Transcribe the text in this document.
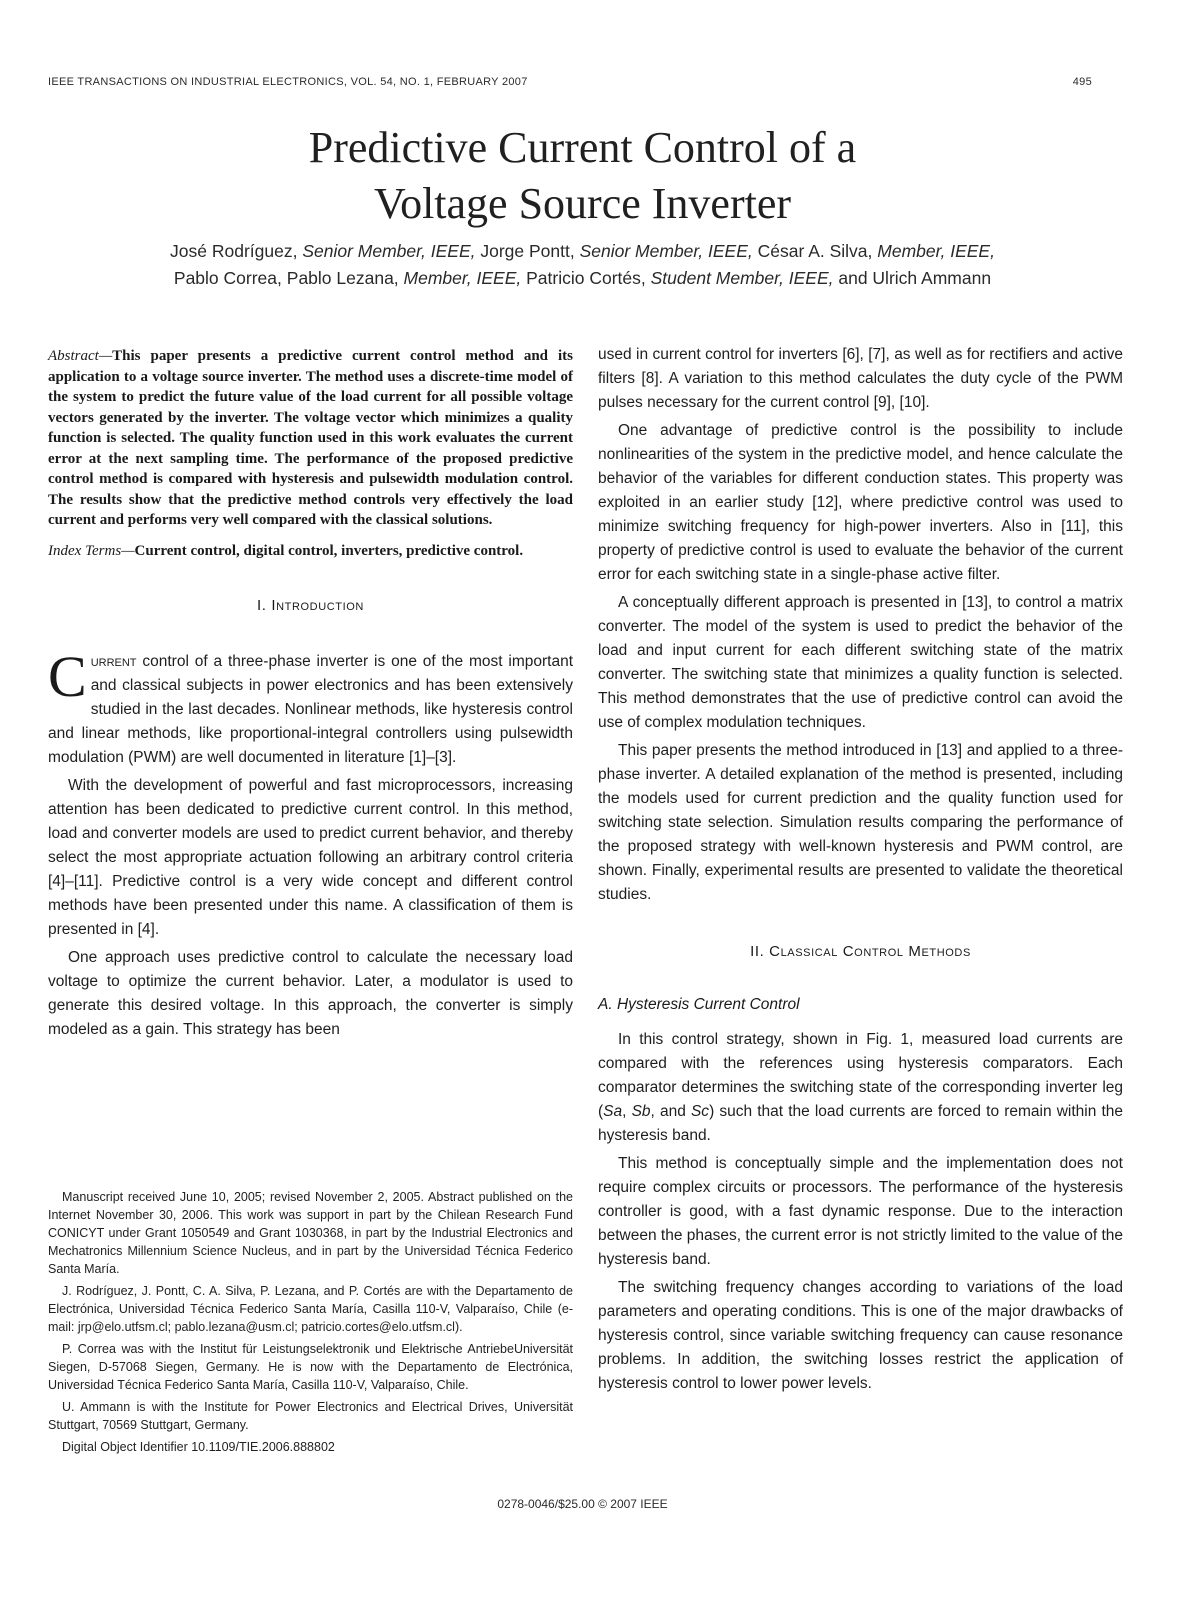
IEEE TRANSACTIONS ON INDUSTRIAL ELECTRONICS, VOL. 54, NO. 1, FEBRUARY 2007	495
Predictive Current Control of a
Voltage Source Inverter
José Rodríguez, Senior Member, IEEE, Jorge Pontt, Senior Member, IEEE, César A. Silva, Member, IEEE,
Pablo Correa, Pablo Lezana, Member, IEEE, Patricio Cortés, Student Member, IEEE, and Ulrich Ammann

Abstract—This paper presents a predictive current control method and its application to a voltage source inverter. The method uses a discrete-time model of the system to predict the future value of the load current for all possible voltage vectors generated by the inverter. The voltage vector which minimizes a quality function is selected. The quality function used in this work evaluates the current error at the next sampling time. The performance of the proposed predictive control method is compared with hysteresis and pulsewidth modulation control. The results show that the predictive method controls very effectively the load current and performs very well compared with the classical solutions.

Index Terms—Current control, digital control, inverters, predictive control.

I. Introduction
C urrent control of a three-phase inverter is one of the most important and classical subjects in power electronics and has been extensively studied in the last decades. Nonlinear methods, like hysteresis control and linear methods, like proportional-integral controllers using pulsewidth modulation (PWM) are well documented in literature [1]–[3].

With the development of powerful and fast microprocessors, increasing attention has been dedicated to predictive current control. In this method, load and converter models are used to predict current behavior, and thereby select the most appropriate actuation following an arbitrary control criteria [4]–[11]. Predictive control is a very wide concept and different control methods have been presented under this name. A classification of them is presented in [4].

One approach uses predictive control to calculate the necessary load voltage to optimize the current behavior. Later, a modulator is used to generate this desired voltage. In this approach, the converter is simply modeled as a gain. This strategy has been

Manuscript received June 10, 2005; revised November 2, 2005. Abstract published on the Internet November 30, 2006. This work was support in part by the Chilean Research Fund CONICYT under Grant 1050549 and Grant 1030368, in part by the Industrial Electronics and Mechatronics Millennium Science Nucleus, and in part by the Universidad Técnica Federico Santa María.

J. Rodríguez, J. Pontt, C. A. Silva, P. Lezana, and P. Cortés are with the Departamento de Electrónica, Universidad Técnica Federico Santa María, Casilla 110-V, Valparaíso, Chile (e-mail: jrp@elo.utfsm.cl; pablo.lezana@usm.cl; patricio.cortes@elo.utfsm.cl).

P. Correa was with the Institut für Leistungselektronik und Elektrische AntriebeUniversität Siegen, D-57068 Siegen, Germany. He is now with the Departamento de Electrónica, Universidad Técnica Federico Santa María, Casilla 110-V, Valparaíso, Chile.

U. Ammann is with the Institute for Power Electronics and Electrical Drives, Universität Stuttgart, 70569 Stuttgart, Germany.

Digital Object Identifier 10.1109/TIE.2006.888802

used in current control for inverters [6], [7], as well as for rectifiers and active filters [8]. A variation to this method calculates the duty cycle of the PWM pulses necessary for the current control [9], [10].

One advantage of predictive control is the possibility to include nonlinearities of the system in the predictive model, and hence calculate the behavior of the variables for different conduction states. This property was exploited in an earlier study [12], where predictive control was used to minimize switching frequency for high-power inverters. Also in [11], this property of predictive control is used to evaluate the behavior of the current error for each switching state in a single-phase active filter.

A conceptually different approach is presented in [13], to control a matrix converter. The model of the system is used to predict the behavior of the load and input current for each different switching state of the matrix converter. The switching state that minimizes a quality function is selected. This method demonstrates that the use of predictive control can avoid the use of complex modulation techniques.

This paper presents the method introduced in [13] and applied to a three-phase inverter. A detailed explanation of the method is presented, including the models used for current prediction and the quality function used for switching state selection. Simulation results comparing the performance of the proposed strategy with well-known hysteresis and PWM control, are shown. Finally, experimental results are presented to validate the theoretical studies.

II. Classical Control Methods
A. Hysteresis Current Control

In this control strategy, shown in Fig. 1, measured load currents are compared with the references using hysteresis comparators. Each comparator determines the switching state of the corresponding inverter leg (Sa, Sb, and Sc) such that the load currents are forced to remain within the hysteresis band.

This method is conceptually simple and the implementation does not require complex circuits or processors. The performance of the hysteresis controller is good, with a fast dynamic response. Due to the interaction between the phases, the current error is not strictly limited to the value of the hysteresis band.

The switching frequency changes according to variations of the load parameters and operating conditions. This is one of the major drawbacks of hysteresis control, since variable switching frequency can cause resonance problems. In addition, the switching losses restrict the application of hysteresis control to lower power levels.

0278-0046/$25.00 © 2007 IEEE
